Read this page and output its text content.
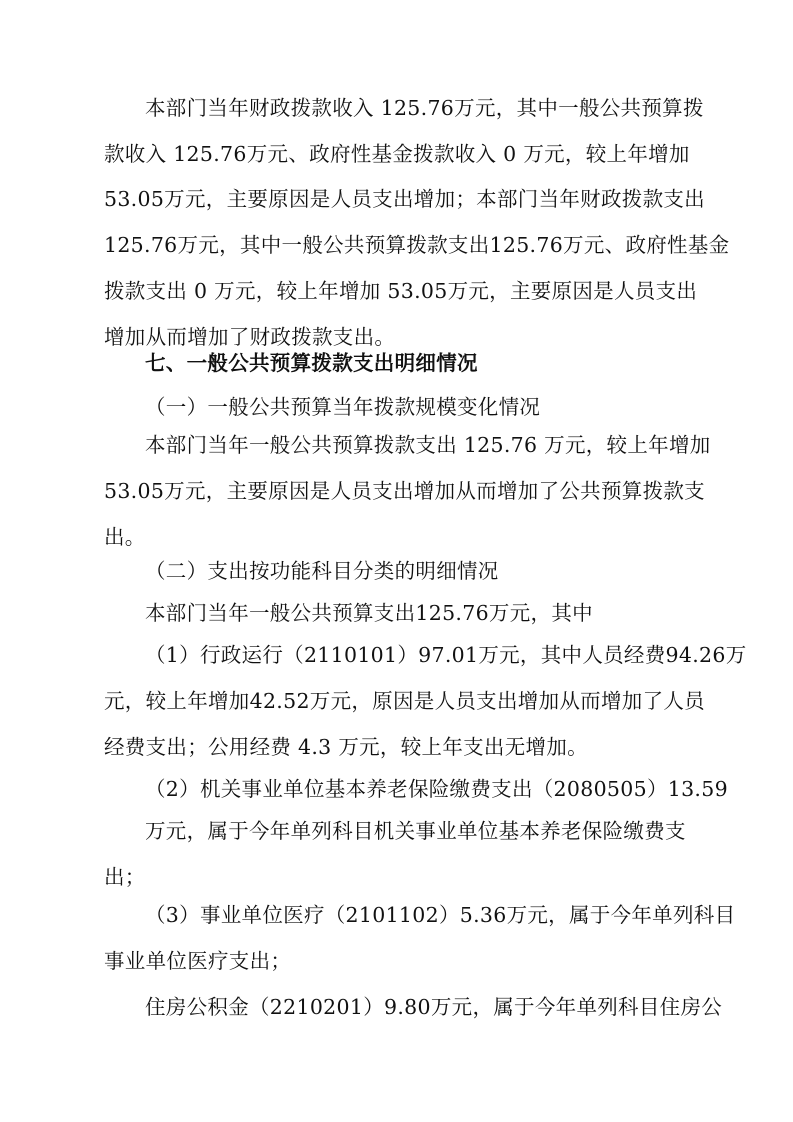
本部门当年财政拨款收入 125.76万元，其中一般公共预算拨

款收入 125.76万元、政府性基金拨款收入 0 万元，较上年增加

53.05万元，主要原因是人员支出增加；本部门当年财政拨款支出

125.76万元，其中一般公共预算拨款支出125.76万元、政府性基金

拨款支出 0 万元，较上年增加 53.05万元，主要原因是人员支出

增加从而增加了财政拨款支出。

七、一般公共预算拨款支出明细情况

（一）一般公共预算当年拨款规模变化情况

本部门当年一般公共预算拨款支出 125.76 万元，较上年增加

53.05万元，主要原因是人员支出增加从而增加了公共预算拨款支

出。

（二）支出按功能科目分类的明细情况

本部门当年一般公共预算支出125.76万元，其中

（1）行政运行（2110101）97.01万元，其中人员经费94.26万

元，较上年增加42.52万元，原因是人员支出增加从而增加了人员

经费支出；公用经费 4.3 万元，较上年支出无增加。

（2）机关事业单位基本养老保险缴费支出（2080505）13.59

万元，属于今年单列科目机关事业单位基本养老保险缴费支

出；

（3）事业单位医疗（2101102）5.36万元，属于今年单列科目

事业单位医疗支出；

住房公积金（2210201）9.80万元，属于今年单列科目住房公
